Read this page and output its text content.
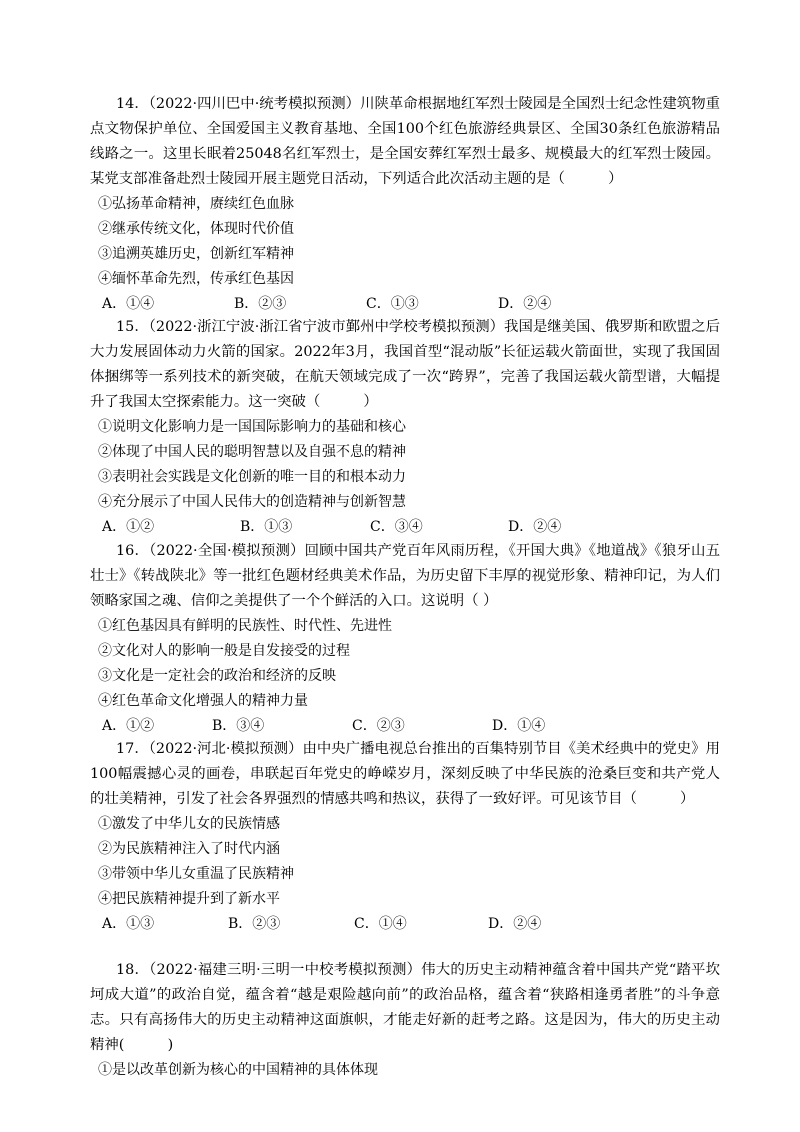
14．（2022·四川巴中·统考模拟预测）川陕革命根据地红军烈士陵园是全国烈士纪念性建筑物重点文物保护单位、全国爱国主义教育基地、全国100个红色旅游经典景区、全国30条红色旅游精品线路之一。这里长眠着25048名红军烈士，是全国安葬红军烈士最多、规模最大的红军烈士陵园。某党支部准备赴烈士陵园开展主题党日活动，下列适合此次活动主题的是（　　　）

①弘扬革命精神，赓续红色血脉
②继承传统文化，体现时代价值
③追溯英雄历史，创新红军精神
④缅怀革命先烈，传承红色基因
A．①④	B．②③	C．①③	D．②④

15．（2022·浙江宁波·浙江省宁波市鄞州中学校考模拟预测）我国是继美国、俄罗斯和欧盟之后大力发展固体动力火箭的国家。2022年3月，我国首型“混动版”长征运载火箭面世，实现了我国固体捆绑等一系列技术的新突破，在航天领域完成了一次“跨界”，完善了我国运载火箭型谱，大幅提升了我国太空探索能力。这一突破（　　　）

①说明文化影响力是一国国际影响力的基础和核心
②体现了中国人民的聪明智慧以及自强不息的精神
③表明社会实践是文化创新的唯一目的和根本动力
④充分展示了中国人民伟大的创造精神与创新智慧
A．①②	B．①③	C．③④	D．②④

16．（2022·全国·模拟预测）回顾中国共产党百年风雨历程，《开国大典》《地道战》《狼牙山五壮士》《转战陕北》等一批红色题材经典美术作品，为历史留下丰厚的视觉形象、精神印记，为人们领略家国之魂、信仰之美提供了一个个鲜活的入口。这说明（ ）

①红色基因具有鲜明的民族性、时代性、先进性
②文化对人的影响一般是自发接受的过程
③文化是一定社会的政治和经济的反映
④红色革命文化增强人的精神力量
A．①②	B．③④	C．②③	D．①④

17．（2022·河北·模拟预测）由中央广播电视总台推出的百集特别节目《美术经典中的党史》用100幅震撼心灵的画卷，串联起百年党史的峥嵘岁月，深刻反映了中华民族的沧桑巨变和共产党人的壮美精神，引发了社会各界强烈的情感共鸣和热议，获得了一致好评。可见该节目（　　　）

①激发了中华儿女的民族情感
②为民族精神注入了时代内涵
③带领中华儿女重温了民族精神
④把民族精神提升到了新水平
A．①③	B．②③	C．①④	D．②④

18．（2022·福建三明·三明一中校考模拟预测）伟大的历史主动精神蕴含着中国共产党“踏平坎坷成大道”的政治自觉，蕴含着“越是艰险越向前”的政治品格，蕴含着“狭路相逢勇者胜”的斗争意志。只有高扬伟大的历史主动精神这面旗帜，才能走好新的赶考之路。这是因为，伟大的历史主动精神(　　　)

①是以改革创新为核心的中国精神的具体体现
